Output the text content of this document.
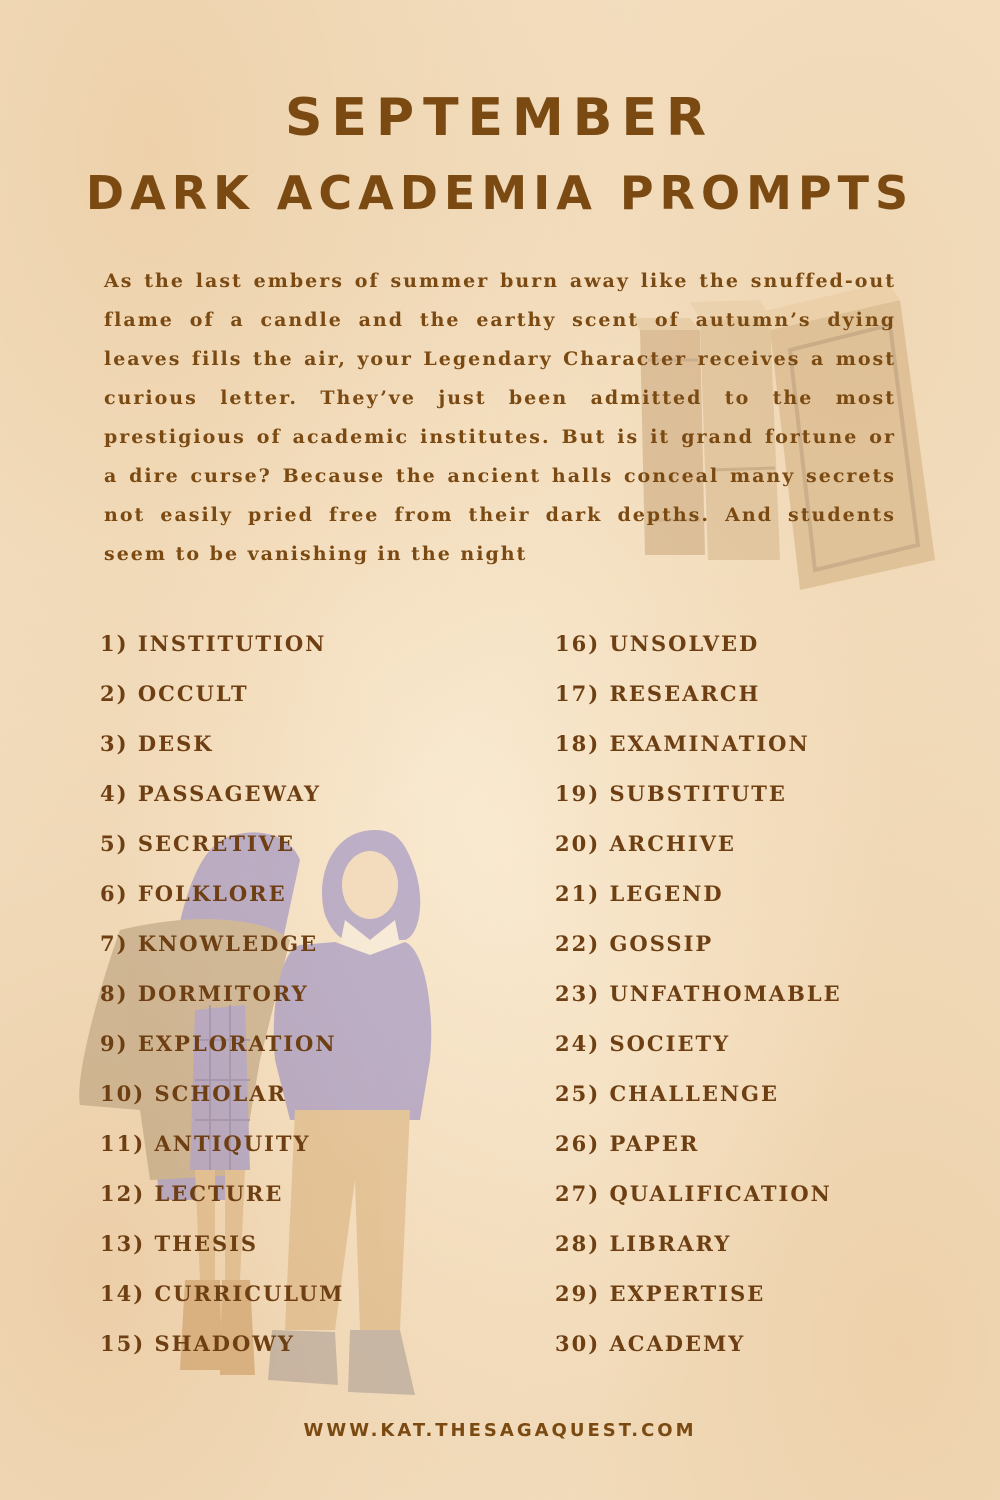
SEPTEMBER
DARK ACADEMIA PROMPTS

As the last embers of summer burn away like the snuffed-out flame of a candle and the earthy scent of autumn’s dying leaves fills the air, your Legendary Character receives a most curious letter. They’ve just been admitted to the most prestigious of academic institutes. But is it grand fortune or a dire curse? Because the ancient halls conceal many secrets not easily pried free from their dark depths. And students seem to be vanishing in the night

1) INSTITUTION
2) OCCULT
3) DESK
4) PASSAGEWAY
5) SECRETIVE
6) FOLKLORE
7) KNOWLEDGE
8) DORMITORY
9) EXPLORATION
10) SCHOLAR
11) ANTIQUITY
12) LECTURE
13) THESIS
14) CURRICULUM
15) SHADOWY
16) UNSOLVED
17) RESEARCH
18) EXAMINATION
19) SUBSTITUTE
20) ARCHIVE
21) LEGEND
22) GOSSIP
23) UNFATHOMABLE
24) SOCIETY
25) CHALLENGE
26) PAPER
27) QUALIFICATION
28) LIBRARY
29) EXPERTISE
30) ACADEMY

WWW.KAT.THESAGAQUEST.COM
